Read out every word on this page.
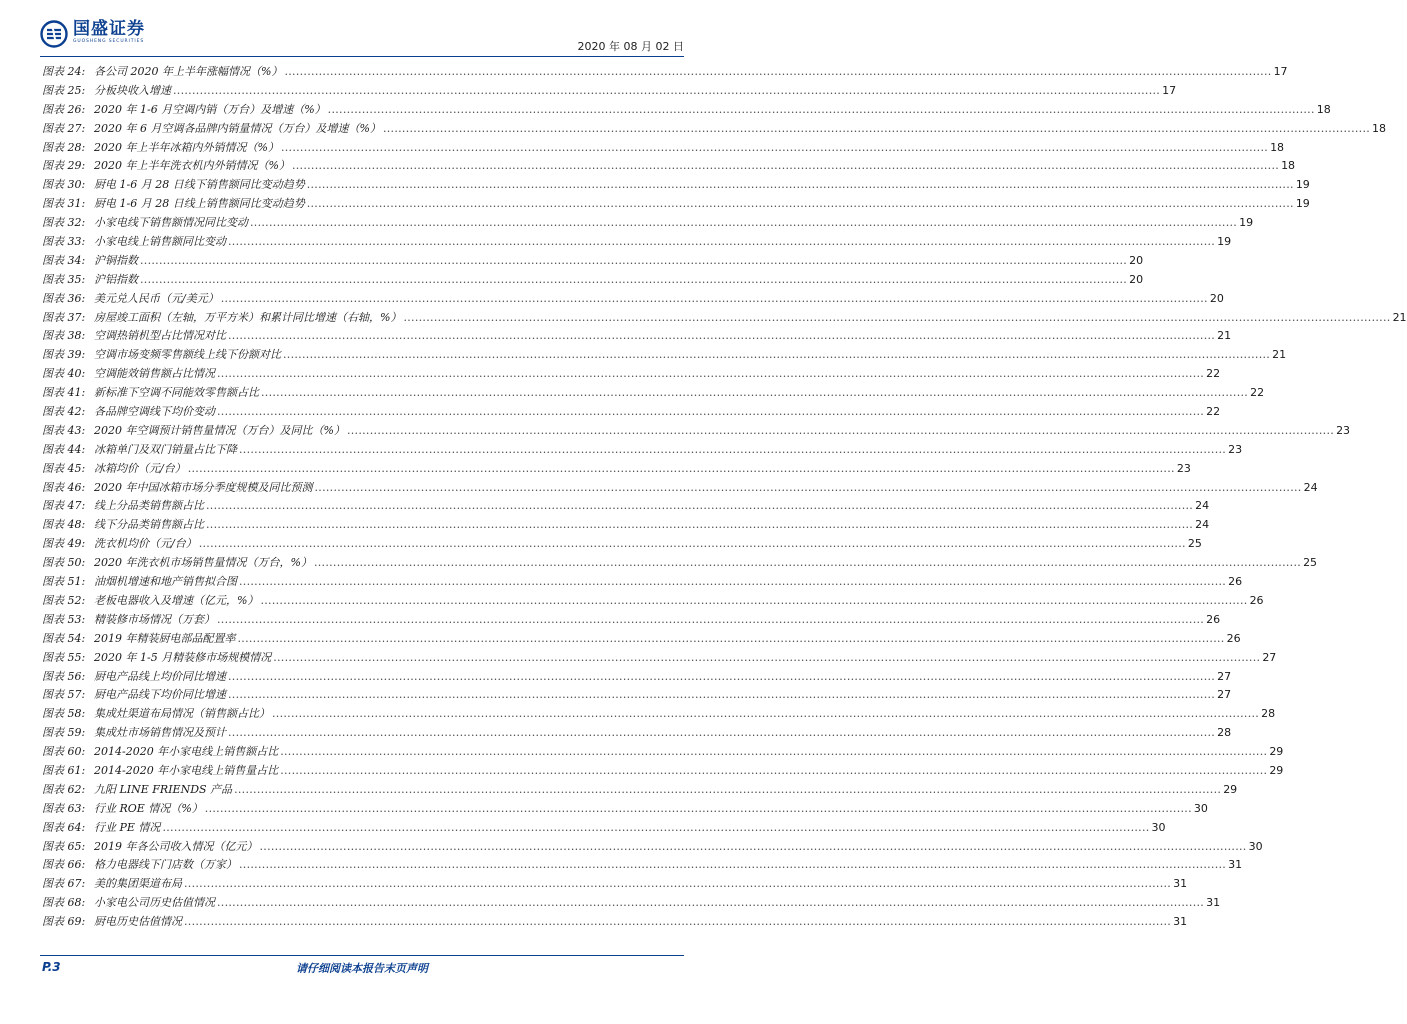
国盛证券
GUOSHENG SECURITIES	2020 年 08 月 02 日
图表 24: 各公司 2020 年上半年涨幅情况（%） .................................................................................................................................................................................................................................................................... 17
图表 25: 分板块收入增速 .................................................................................................................................................................................................................................................................... 17
图表 26: 2020 年 1-6 月空调内销（万台）及增速（%） .................................................................................................................................................................................................................................................................... 18
图表 27: 2020 年 6 月空调各品牌内销量情况（万台）及增速（%） .................................................................................................................................................................................................................................................................... 18
图表 28: 2020 年上半年冰箱内外销情况（%） .................................................................................................................................................................................................................................................................... 18
图表 29: 2020 年上半年洗衣机内外销情况（%） .................................................................................................................................................................................................................................................................... 18
图表 30: 厨电 1-6 月 28 日线下销售额同比变动趋势 .................................................................................................................................................................................................................................................................... 19
图表 31: 厨电 1-6 月 28 日线上销售额同比变动趋势 .................................................................................................................................................................................................................................................................... 19
图表 32: 小家电线下销售额情况同比变动 .................................................................................................................................................................................................................................................................... 19
图表 33: 小家电线上销售额同比变动 .................................................................................................................................................................................................................................................................... 19
图表 34: 沪铜指数 .................................................................................................................................................................................................................................................................... 20
图表 35: 沪铝指数 .................................................................................................................................................................................................................................................................... 20
图表 36: 美元兑人民币（元/美元） .................................................................................................................................................................................................................................................................... 20
图表 37: 房屋竣工面积（左轴，万平方米）和累计同比增速（右轴，%） .................................................................................................................................................................................................................................................................... 21
图表 38: 空调热销机型占比情况对比 .................................................................................................................................................................................................................................................................... 21
图表 39: 空调市场变频零售额线上线下份额对比 .................................................................................................................................................................................................................................................................... 21
图表 40: 空调能效销售额占比情况 .................................................................................................................................................................................................................................................................... 22
图表 41: 新标准下空调不同能效零售额占比 .................................................................................................................................................................................................................................................................... 22
图表 42: 各品牌空调线下均价变动 .................................................................................................................................................................................................................................................................... 22
图表 43: 2020 年空调预计销售量情况（万台）及同比（%） .................................................................................................................................................................................................................................................................... 23
图表 44: 冰箱单门及双门销量占比下降 .................................................................................................................................................................................................................................................................... 23
图表 45: 冰箱均价（元/台） .................................................................................................................................................................................................................................................................... 23
图表 46: 2020 年中国冰箱市场分季度规模及同比预测 .................................................................................................................................................................................................................................................................... 24
图表 47: 线上分品类销售额占比 .................................................................................................................................................................................................................................................................... 24
图表 48: 线下分品类销售额占比 .................................................................................................................................................................................................................................................................... 24
图表 49: 洗衣机均价（元/台） .................................................................................................................................................................................................................................................................... 25
图表 50: 2020 年洗衣机市场销售量情况（万台，%） .................................................................................................................................................................................................................................................................... 25
图表 51: 油烟机增速和地产销售拟合图 .................................................................................................................................................................................................................................................................... 26
图表 52: 老板电器收入及增速（亿元，%） .................................................................................................................................................................................................................................................................... 26
图表 53: 精装修市场情况（万套） .................................................................................................................................................................................................................................................................... 26
图表 54: 2019 年精装厨电部品配置率 .................................................................................................................................................................................................................................................................... 26
图表 55: 2020 年 1-5 月精装修市场规模情况 .................................................................................................................................................................................................................................................................... 27
图表 56: 厨电产品线上均价同比增速 .................................................................................................................................................................................................................................................................... 27
图表 57: 厨电产品线下均价同比增速 .................................................................................................................................................................................................................................................................... 27
图表 58: 集成灶渠道布局情况（销售额占比） .................................................................................................................................................................................................................................................................... 28
图表 59: 集成灶市场销售情况及预计 .................................................................................................................................................................................................................................................................... 28
图表 60: 2014-2020 年小家电线上销售额占比 .................................................................................................................................................................................................................................................................... 29
图表 61: 2014-2020 年小家电线上销售量占比 .................................................................................................................................................................................................................................................................... 29
图表 62: 九阳 LINE FRIENDS 产品 .................................................................................................................................................................................................................................................................... 29
图表 63: 行业 ROE 情况（%） .................................................................................................................................................................................................................................................................... 30
图表 64: 行业 PE 情况 .................................................................................................................................................................................................................................................................... 30
图表 65: 2019 年各公司收入情况（亿元） .................................................................................................................................................................................................................................................................... 30
图表 66: 格力电器线下门店数（万家） .................................................................................................................................................................................................................................................................... 31
图表 67: 美的集团渠道布局 .................................................................................................................................................................................................................................................................... 31
图表 68: 小家电公司历史估值情况 .................................................................................................................................................................................................................................................................... 31
图表 69: 厨电历史估值情况 .................................................................................................................................................................................................................................................................... 31
P.3	请仔细阅读本报告末页声明
